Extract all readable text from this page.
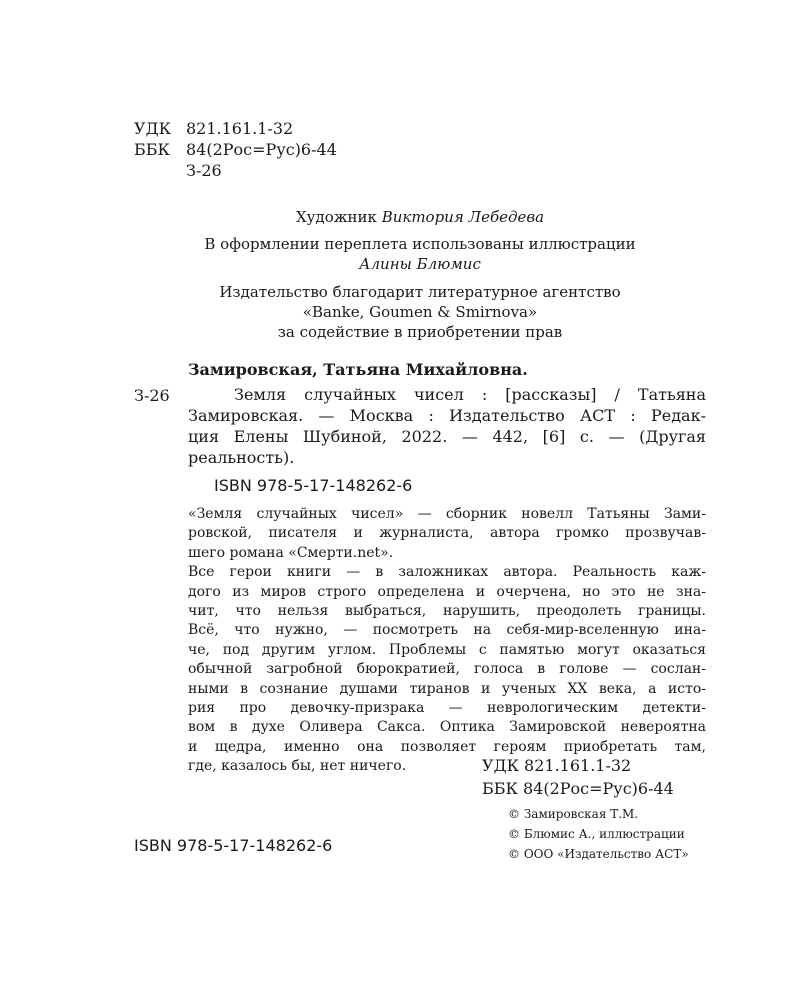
УДК 821.161.1-32
ББК 84(2Рос=Рус)6-44
З-26
Художник Виктория Лебедева
В оформлении переплета использованы иллюстрации
Алины Блюмис
Издательство благодарит литературное агентство
«Banke, Goumen & Smirnova»
за содействие в приобретении прав
Замировская, Татьяна Михайловна.
З-26	Земля случайных чисел : [рассказы] / Татьяна
Замировская. — Москва : Издательство АСТ : Редак-
ция Елены Шубиной, 2022. — 442, [6] с. — (Другая
реальность).
ISBN 978-5-17-148262-6
«Земля случайных чисел» — сборник новелл Татьяны Зами-
ровской, писателя и журналиста, автора громко прозвучав-
шего романа «Смерти.net».
Все герои книги — в заложниках автора. Реальность каж-
дого из миров строго определена и очерчена, но это не зна-
чит, что нельзя выбраться, нарушить, преодолеть границы.
Всё, что нужно, — посмотреть на себя-мир-вселенную ина-
че, под другим углом. Проблемы с памятью могут оказаться
обычной загробной бюрократией, голоса в голове — сослан-
ными в сознание душами тиранов и ученых XX века, а исто-
рия про девочку-призрака — неврологическим детекти-
вом в духе Оливера Сакса. Оптика Замировской невероятна
и щедра, именно она позволяет героям приобретать там,
где, казалось бы, нет ничего.	УДК 821.161.1-32
ББК 84(2Рос=Рус)6-44
© Замировская Т.М.
© Блюмис А., иллюстрации
© ООО «Издательство АСТ»
ISBN 978-5-17-148262-6
